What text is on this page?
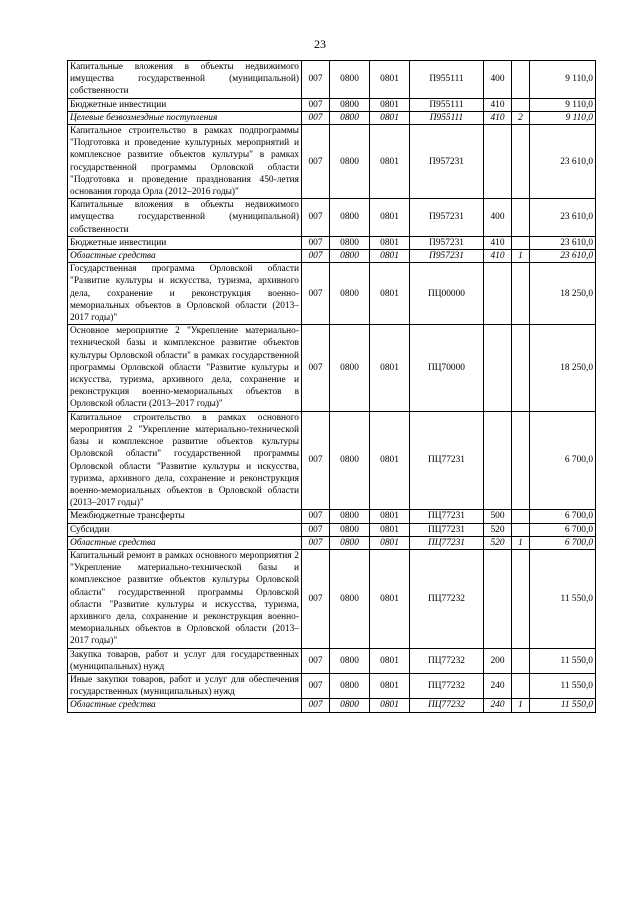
23
Капитальные вложения в объекты недвижимого имущества государственной (муниципальной) собственности	007	0800	0801	П955111	400		9 110,0
Бюджетные инвестиции	007	0800	0801	П955111	410		9 110,0
Целевые безвозмездные поступления	007	0800	0801	П955111	410	2	9 110,0
Капитальное строительство в рамках подпрограммы "Подготовка и проведение культурных мероприятий и комплексное развитие объектов культуры" в рамках государственной программы Орловской области "Подготовка и проведение празднования 450-летия основания города Орла (2012–2016 годы)"	007	0800	0801	П957231			23 610,0
Капитальные вложения в объекты недвижимого имущества государственной (муниципальной) собственности	007	0800	0801	П957231	400		23 610,0
Бюджетные инвестиции	007	0800	0801	П957231	410		23 610,0
Областные средства	007	0800	0801	П957231	410	1	23 610,0
Государственная программа Орловской области "Развитие культуры и искусства, туризма, архивного дела, сохранение и реконструкция военно-мемориальных объектов в Орловской области (2013–2017 годы)"	007	0800	0801	ПЦ00000			18 250,0
Основное мероприятие 2 "Укрепление материально-технической базы и комплексное развитие объектов культуры Орловской области" в рамках государственной программы Орловской области "Развитие культуры и искусства, туризма, архивного дела, сохранение и реконструкция военно-мемориальных объектов в Орловской области (2013–2017 годы)"	007	0800	0801	ПЦ70000			18 250,0
Капитальное строительство в рамках основного мероприятия 2 "Укрепление материально-технической базы и комплексное развитие объектов культуры Орловской области" государственной программы Орловской области "Развитие культуры и искусства, туризма, архивного дела, сохранение и реконструкция военно-мемориальных объектов в Орловской области (2013–2017 годы)"	007	0800	0801	ПЦ77231			6 700,0
Межбюджетные трансферты	007	0800	0801	ПЦ77231	500		6 700,0
Субсидии	007	0800	0801	ПЦ77231	520		6 700,0
Областные средства	007	0800	0801	ПЦ77231	520	1	6 700,0
Капитальный ремонт в рамках основного мероприятия 2 "Укрепление материально-технической базы и комплексное развитие объектов культуры Орловской области" государственной программы Орловской области "Развитие культуры и искусства, туризма, архивного дела, сохранение и реконструкция военно-мемориальных объектов в Орловской области (2013–2017 годы)"	007	0800	0801	ПЦ77232			11 550,0
Закупка товаров, работ и услуг для государственных (муниципальных) нужд	007	0800	0801	ПЦ77232	200		11 550,0
Иные закупки товаров, работ и услуг для обеспечения государственных (муниципальных) нужд	007	0800	0801	ПЦ77232	240		11 550,0
Областные средства	007	0800	0801	ПЦ77232	240	1	11 550,0
